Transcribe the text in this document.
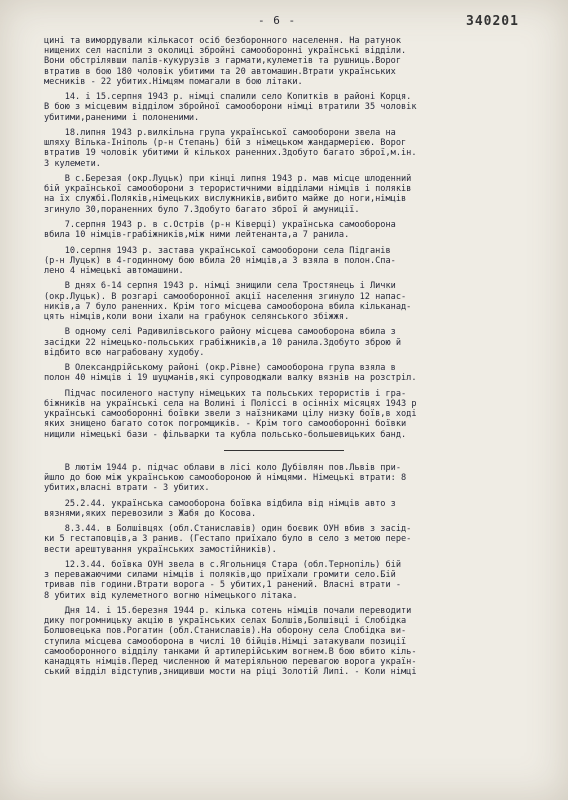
- 6 -	340201

цині та вимордували кількасот осіб безборонного населення. На ратунок
нищених сел наспіли з околиці збройні самооборонні українські відділи.
Вони обстрілявши палів-кукурузів з гармати,кулеметів та рушниць.Ворог
втратив в бою 180 чоловік убитими та 20 автомашин.Втрати українських
месників - 22 убитих.Німцям помагали в бою літаки.

14. і 15.серпня 1943 р. німці спалили село Копитків в районі Корця.
В бою з місцевим відділом збройної самооборони німці втратили 35 чоловік
убитими,раненими і полоненими.

18.липня 1943 р.вилкільна група української самооборони звела на
шляху Вілька-Ініполь (р-н Степань) бій з німецьком жандармерією. Ворог
втратив 19 чоловік убитими й кількох раненних.Здобуто багато зброї,м.ін.
3 кулемети.

В с.Березая (окр.Луцьк) при кінці липня 1943 р. мав місце шлоденний
бій української самооборони з терористичними відділами німців і поляків
на їх службі.Поляків,німецьких вислужників,вибито майже до ноги,німців
згинуло 30,пораненних було 7.Здобуто багато зброї й амуниції.

7.серпня 1943 р. в с.Острів (р-н Ківерці) українська самооборона
вбила 10 німців-грабіжників,між ними лейтенанта,а 7 ранила.

10.серпня 1943 р. застава української самооборони села Підганів
(р-н Луцьк) в 4-годинному бою вбила 20 німців,а 3 взяла в полон.Спа-
лено 4 німецькі автомашини.

В днях 6-14 серпня 1943 р. німці знищили села Тростянець і Лички
(окр.Луцьк). В розгарі самооборонної акції населення згинуло 12 напас-
ників,а 7 було раненних. Крім того місцева самооборона вбила кільканад-
цять німців,коли вони іхали на грабунок селянського збіжжя.

В одному селі Радивилівського району місцева самооборона вбила з
засідки 22 німецько-польських грабіжників,а 10 ранила.Здобуто зброю й
відбито всю награбовану худобу.

В Олександрійському районі (окр.Рівне) самооборона група взяла в
полон 40 німців і 19 шуцманів,які супроводжали валку вязнів на розстріл.

Підчас посиленого наступу німецьких та польських терористів і гра-
біжників на українські села на Волині і Поліссі в осінніх місяцях 1943 р
українські самооборонні боївки звели з наїзниками цілу низку боїв,в ході
яких знищено багато соток погромщиків. - Крім того самооборонні боївки
нищили німецькі бази - фільварки та кубла польсько-большевицьких банд.

В лютім 1944 р. підчас облави в лісі коло Дубівлян пов.Львів при-
йшло до бою між українською самообороною й німцями. Німецькі втрати: 8
убитих,власні втрати - 3 убитих.

25.2.44. українська самооборона боївка відбила від німців авто з
вязнями,яких перевозили з Жабя до Косова.

8.3.44. в Болшівцях (обл.Станиславів) один боєвик ОУН вбив з засід-
ки 5 гестаповців,а 3 ранив. (Гестапо приїхало було в село з метою пере-
вести арештування українських замостійників).

12.3.44. боївка ОУН звела в с.Ягольниця Стара (обл.Тернопіль) бій
з переважаючими силами німців і поляків,що приїхали громити село.Бій
тривав пів години.Втрати ворога - 5 убитих,1 ранений. Власні втрати -
8 убитих від кулеметного вогню німецького літака.

Дня 14. і 15.березня 1944 р. кілька сотень німців почали переводити
дику погромницьку акцію в українських селах Болшів,Болшівці і Слобідка
Болшовецька пов.Рогатин (обл.Станиславів).На оборону села Слобідка ви-
ступила місцева самооборона в числі 10 бійців.Німці затакували позиції
самооборонного відділу танками й артилерійським вогнем.В бою вбито кіль-
канадцять німців.Перед численною й матеріяльною перевагою ворога україн-
ський відділ відступив,знищивши мости на ріці Золотій Липі. - Коли німці
